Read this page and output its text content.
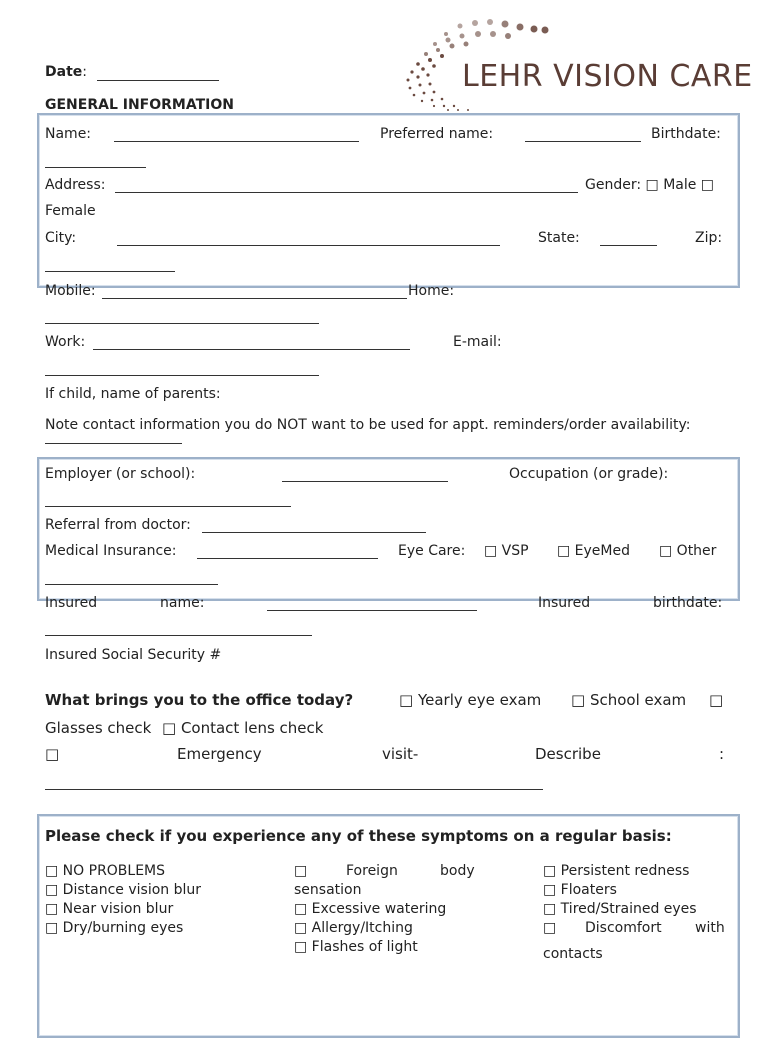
Date:	LEHR VISION CARE
GENERAL INFORMATION
Name:	Preferred name:	Birthdate:
Address:	Gender: □ Male □
Female
City:	State:	Zip:
Mobile:	Home:
Work:	E-mail:
If child, name of parents:
Note contact information you do NOT want to be used for appt. reminders/order availability:
Employer (or school):	Occupation (or grade):
Referral from doctor:
Medical Insurance:	Eye Care: □ VSP □ EyeMed □ Other
Insured	name:	Insured	birthdate:
Insured Social Security #
What brings you to the office today?	□ Yearly eye exam □ School exam □
Glasses check □ Contact lens check
□	Emergency	visit-	Describe	:
Please check if you experience any of these symptoms on a regular basis:
□ NO PROBLEMS
□ Distance vision blur
□ Near vision blur
□ Dry/burning eyes
□	Foreign	body
sensation
□ Excessive watering
□ Allergy/Itching
□ Flashes of light
□ Persistent redness
□ Floaters
□ Tired/Strained eyes
□ Discomfort with
contacts
